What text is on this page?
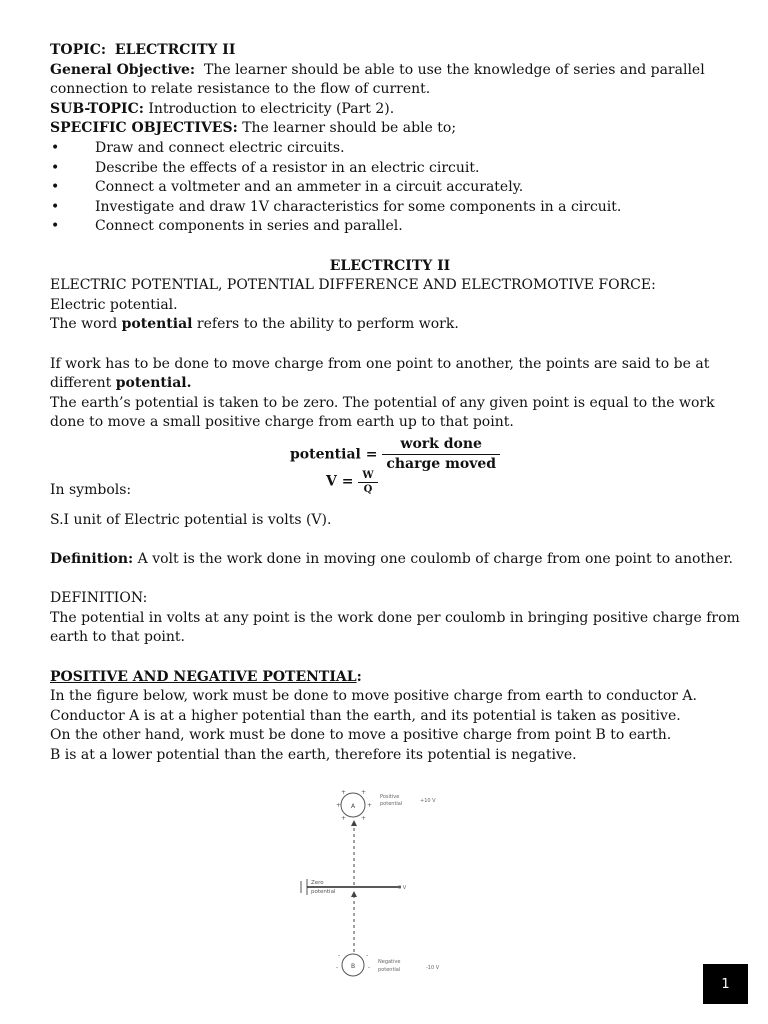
TOPIC: ELECTRCITY II
General Objective: The learner should be able to use the knowledge of series and parallel
connection to relate resistance to the flow of current.
SUB-TOPIC: Introduction to electricity (Part 2).
SPECIFIC OBJECTIVES: The learner should be able to;
•	Draw and connect electric circuits.
•	Describe the effects of a resistor in an electric circuit.
•	Connect a voltmeter and an ammeter in a circuit accurately.
•	Investigate and draw 1V characteristics for some components in a circuit.
•	Connect components in series and parallel.
ELECTRCITY II
ELECTRIC POTENTIAL, POTENTIAL DIFFERENCE AND ELECTROMOTIVE FORCE:
Electric potential.
The word potential refers to the ability to perform work.
If work has to be done to move charge from one point to another, the points are said to be at
different potential.
The earth’s potential is taken to be zero. The potential of any given point is equal to the work
done to move a small positive charge from earth up to that point.
potential = $\frac{\text{work done}}{\text{charge moved}}$
In symbols:
$V = \frac{W}{Q}$
S.I unit of Electric potential is volts (V).
Definition: A volt is the work done in moving one coulomb of charge from one point to another.
DEFINITION:
The potential in volts at any point is the work done per coulomb in bringing positive charge from
earth to that point.
POSITIVE AND NEGATIVE POTENTIAL:
In the figure below, work must be done to move positive charge from earth to conductor A.
Conductor A is at a higher potential than the earth, and its potential is taken as positive.
On the other hand, work must be done to move a positive charge from point B to earth.
B is at a lower potential than the earth, therefore its potential is negative.
A
+ +
+	+
+ +
Positive
potential	+10 V
Zero
potential
0 V
B
-	-
-	-
Negative
potential	-10 V
1
